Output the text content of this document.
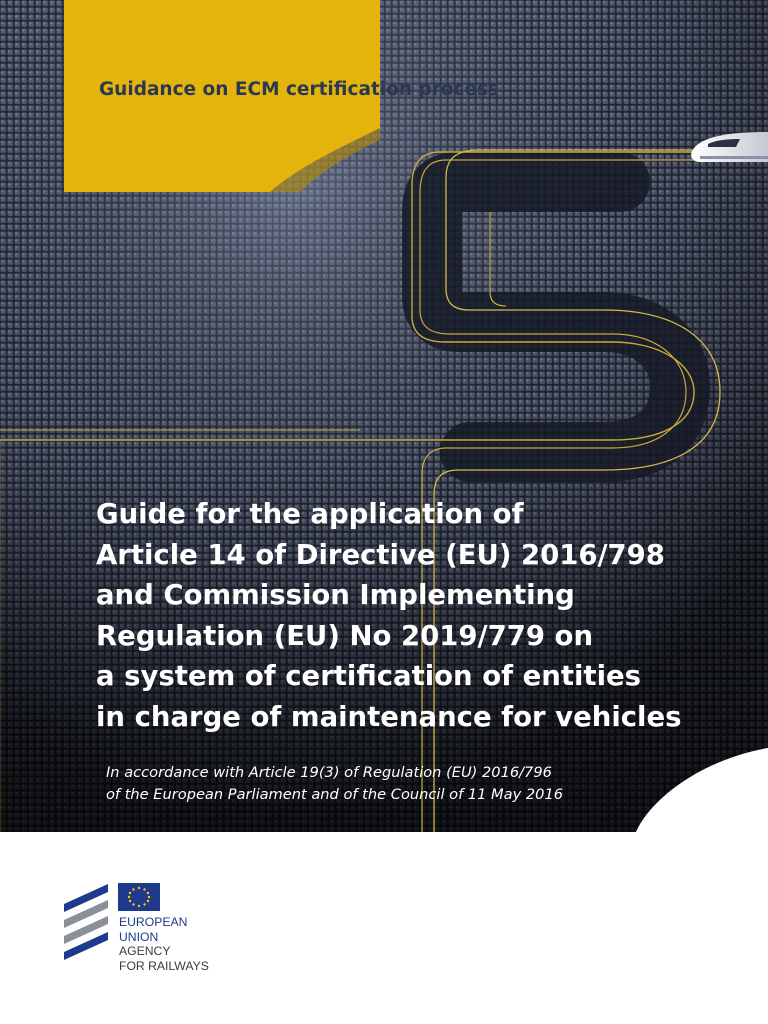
Guidance on ECM certification process

Guide for the application of
Article 14 of Directive (EU) 2016/798
and Commission Implementing
Regulation (EU) No 2019/779 on
a system of certification of entities
in charge of maintenance for vehicles

In accordance with Article 19(3) of Regulation (EU) 2016/796
of the European Parliament and of the Council of 11 May 2016

EUROPEAN
UNION
AGENCY
FOR RAILWAYS
